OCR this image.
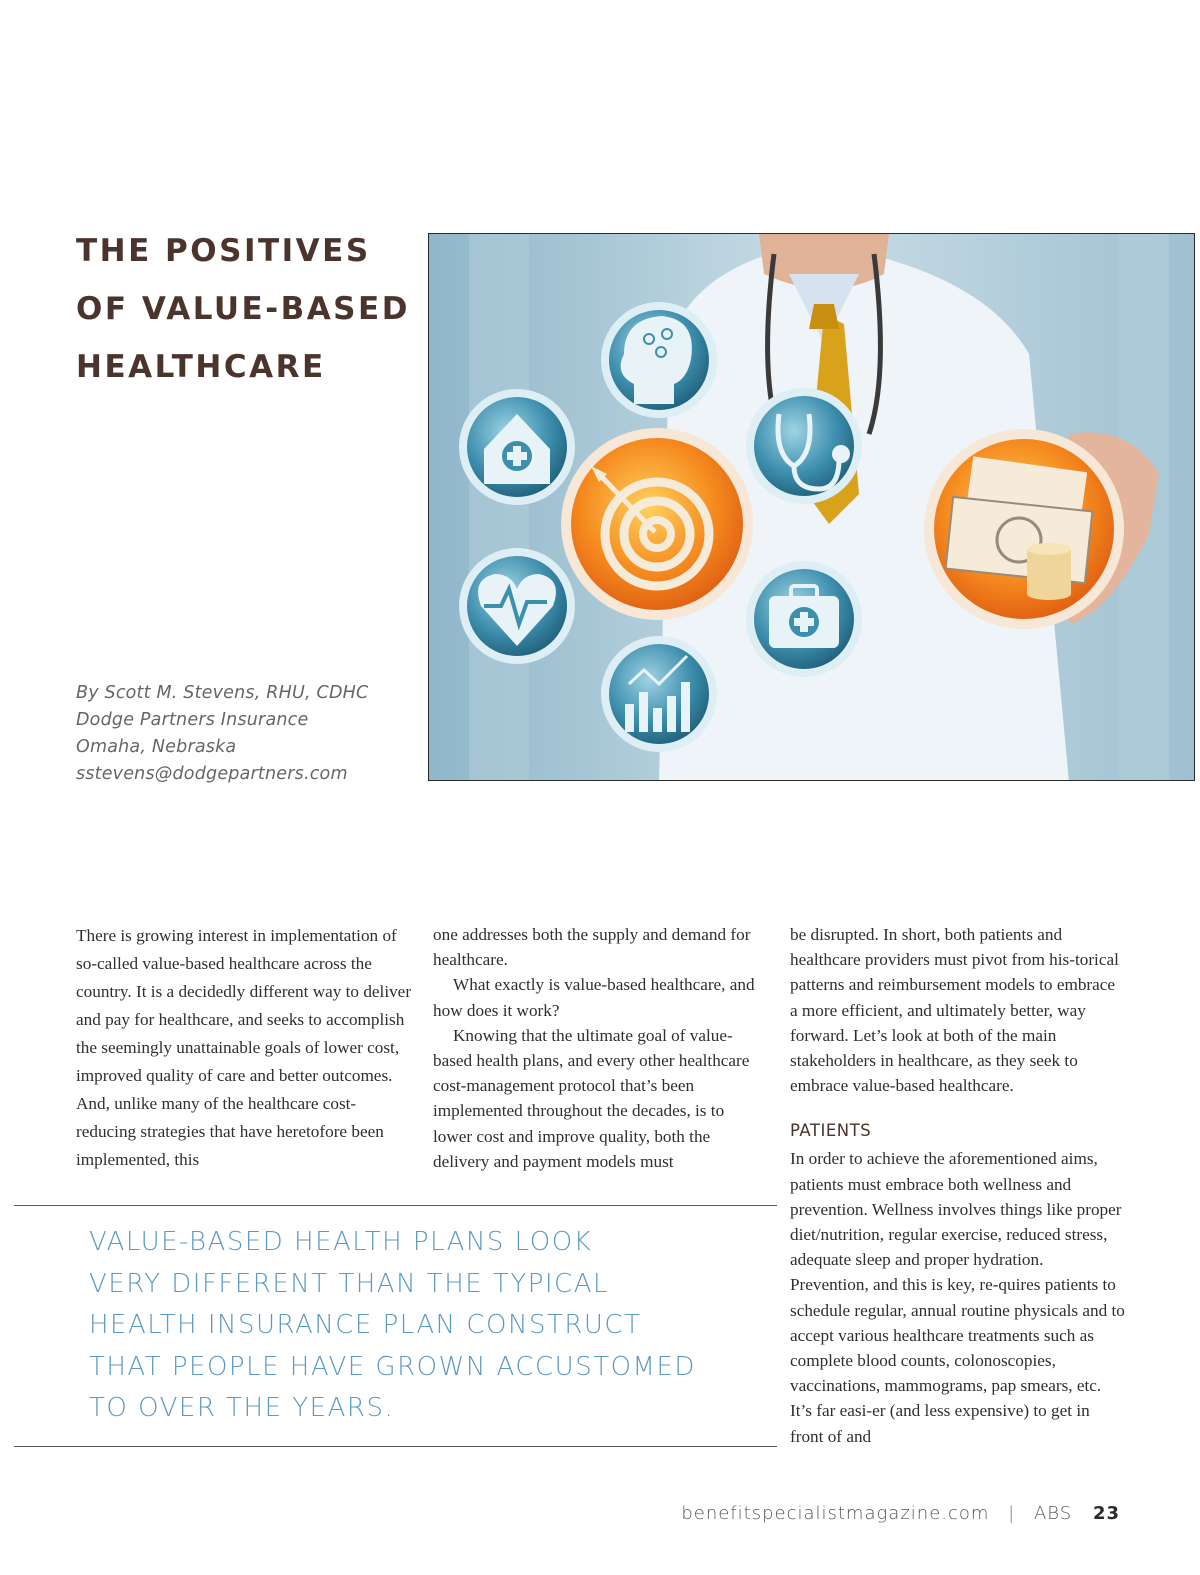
THE POSITIVES
OF VALUE-BASED
HEALTHCARE
By Scott M. Stevens, RHU, CDHC
Dodge Partners Insurance
Omaha, Nebraska
sstevens@dodgepartners.com

There is growing interest in implementation of so-called value-based healthcare across the country. It is a decidedly different way to deliver and pay for healthcare, and seeks to accomplish the seemingly unattainable goals of lower cost, improved quality of care and better outcomes. And, unlike many of the healthcare cost-reducing strategies that have heretofore been implemented, this

one addresses both the supply and demand for healthcare.

What exactly is value-based healthcare, and how does it work?

Knowing that the ultimate goal of value-based health plans, and every other healthcare cost-management protocol that’s been implemented throughout the decades, is to lower cost and improve quality, both the delivery and payment models must

be disrupted. In short, both patients and healthcare providers must pivot from his-torical patterns and reimbursement models to embrace a more efficient, and ultimately better, way forward. Let’s look at both of the main stakeholders in healthcare, as they seek to embrace value-based healthcare.

PATIENTS

In order to achieve the aforementioned aims, patients must embrace both wellness and prevention. Wellness involves things like proper diet/nutrition, regular exercise, reduced stress, adequate sleep and proper hydration. Prevention, and this is key, re-quires patients to schedule regular, annual routine physicals and to accept various healthcare treatments such as complete blood counts, colonoscopies, vaccinations, mammograms, pap smears, etc. It’s far easi-er (and less expensive) to get in front of and

VALUE-BASED HEALTH PLANS LOOK
VERY DIFFERENT THAN THE TYPICAL
HEALTH INSURANCE PLAN CONSTRUCT
THAT PEOPLE HAVE GROWN ACCUSTOMED
TO OVER THE YEARS.
benefitspecialistmagazine.com | ABS 23
